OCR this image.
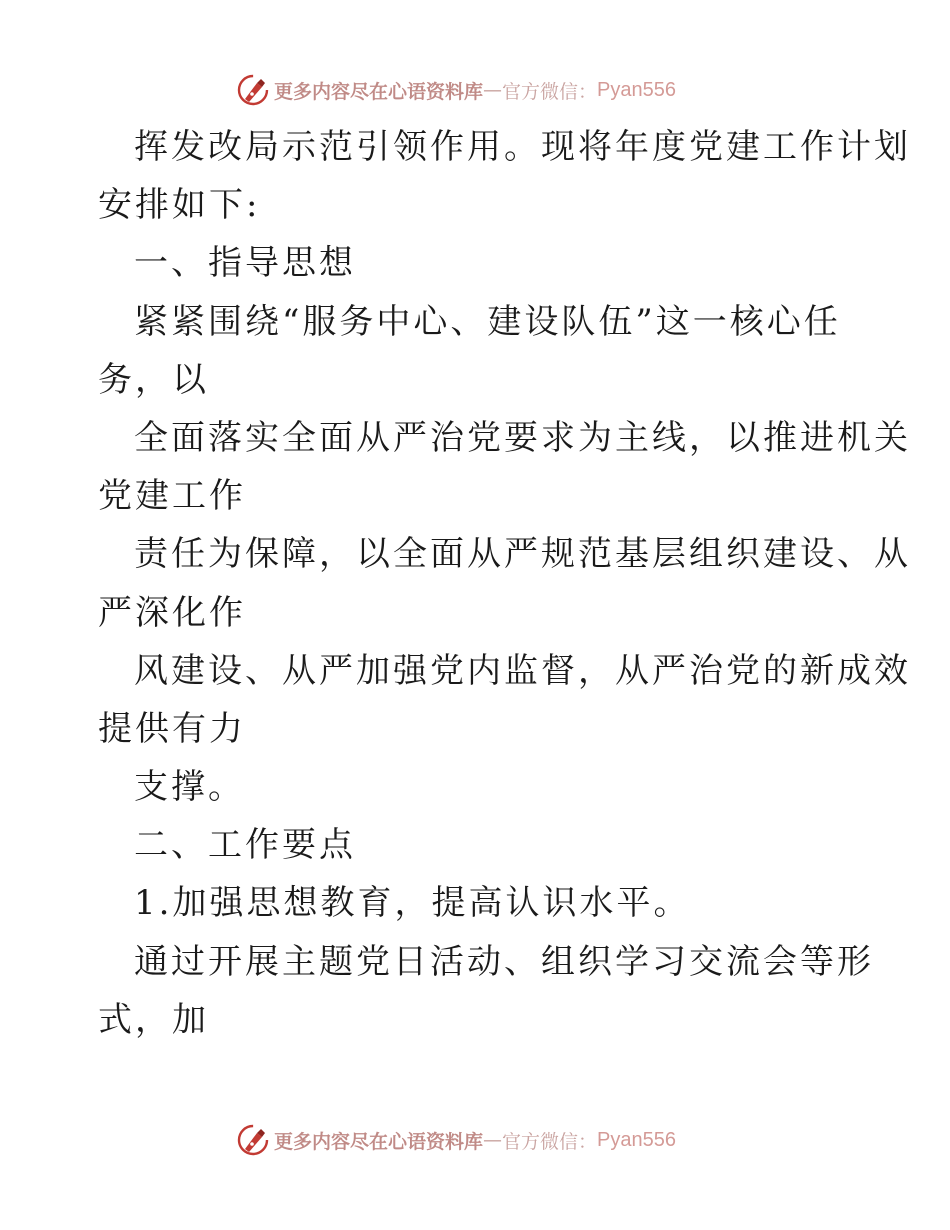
更多内容尽在心语资料库 — 官方微信： Pyan556
挥发改局示范引领作用。现将年度党建工作计划
安排如下:
一、指导思想
紧紧围绕“服务中心、建设队伍”这一核心任
务，以
全面落实全面从严治党要求为主线，以推进机关
党建工作
责任为保障，以全面从严规范基层组织建设、从
严深化作
风建设、从严加强党内监督，从严治党的新成效
提供有力
支撑。
二、工作要点
1.加强思想教育，提高认识水平。
通过开展主题党日活动、组织学习交流会等形
式，加
更多内容尽在心语资料库 — 官方微信： Pyan556
